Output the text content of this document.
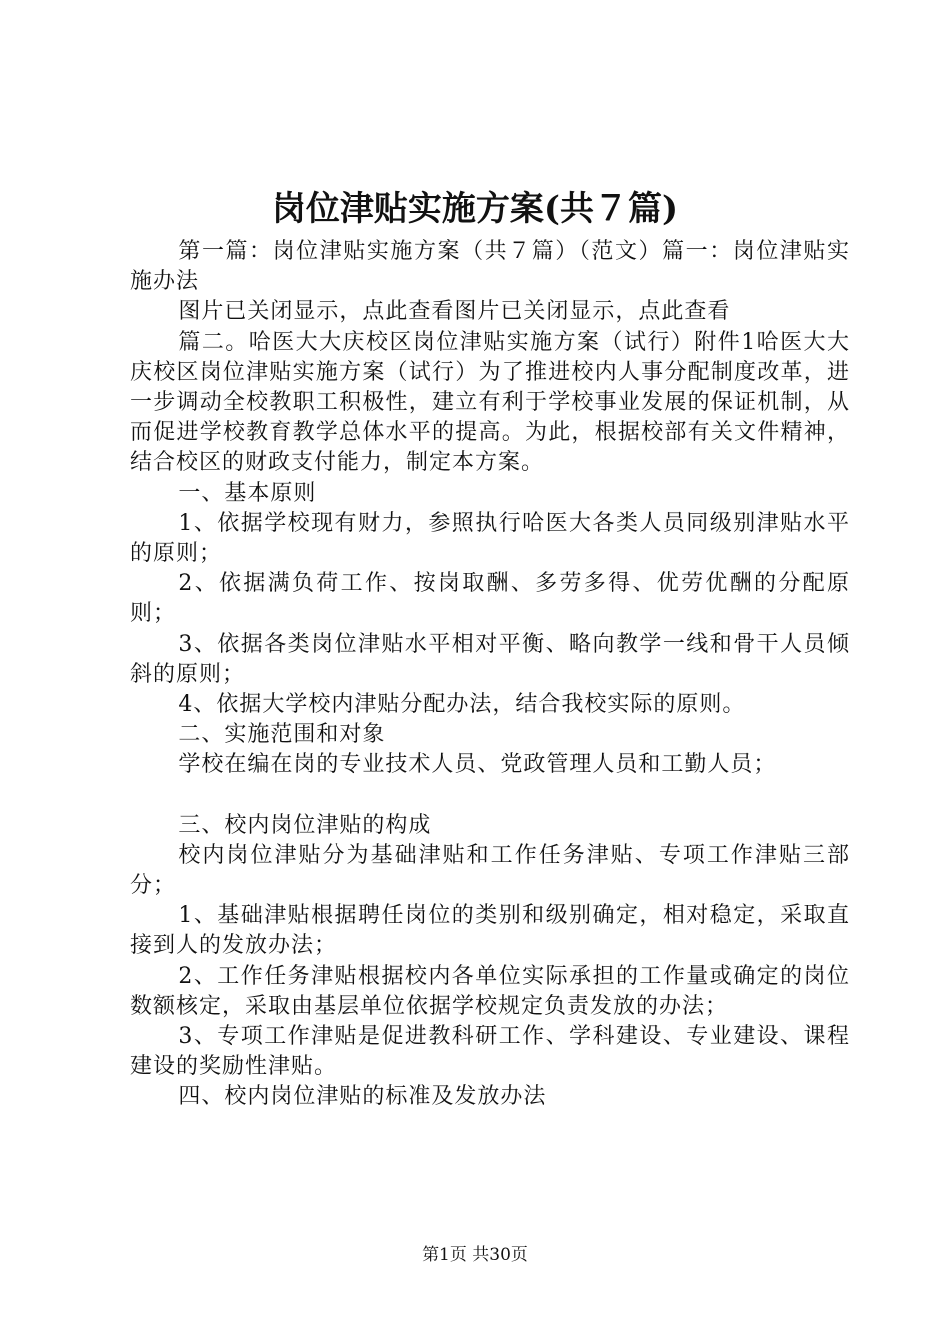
岗位津贴实施方案(共７篇)

第一篇：岗位津贴实施方案（共７篇）（范文）篇一：岗位津贴实施办法

图片已关闭显示，点此查看图片已关闭显示，点此查看

篇二。哈医大大庆校区岗位津贴实施方案（试行）附件1哈医大大庆校区岗位津贴实施方案（试行）为了推进校内人事分配制度改革，进一步调动全校教职工积极性，建立有利于学校事业发展的保证机制，从而促进学校教育教学总体水平的提高。为此，根据校部有关文件精神，结合校区的财政支付能力，制定本方案。

一、基本原则

1、依据学校现有财力，参照执行哈医大各类人员同级别津贴水平的原则；

2、依据满负荷工作、按岗取酬、多劳多得、优劳优酬的分配原则；

3、依据各类岗位津贴水平相对平衡、略向教学一线和骨干人员倾斜的原则；

4、依据大学校内津贴分配办法，结合我校实际的原则。

二、实施范围和对象

学校在编在岗的专业技术人员、党政管理人员和工勤人员；

三、校内岗位津贴的构成

校内岗位津贴分为基础津贴和工作任务津贴、专项工作津贴三部分；

1、基础津贴根据聘任岗位的类别和级别确定，相对稳定，采取直接到人的发放办法；

2、工作任务津贴根据校内各单位实际承担的工作量或确定的岗位数额核定，采取由基层单位依据学校规定负责发放的办法；

3、专项工作津贴是促进教科研工作、学科建设、专业建设、课程建设的奖励性津贴。

四、校内岗位津贴的标准及发放办法

第1页 共30页
